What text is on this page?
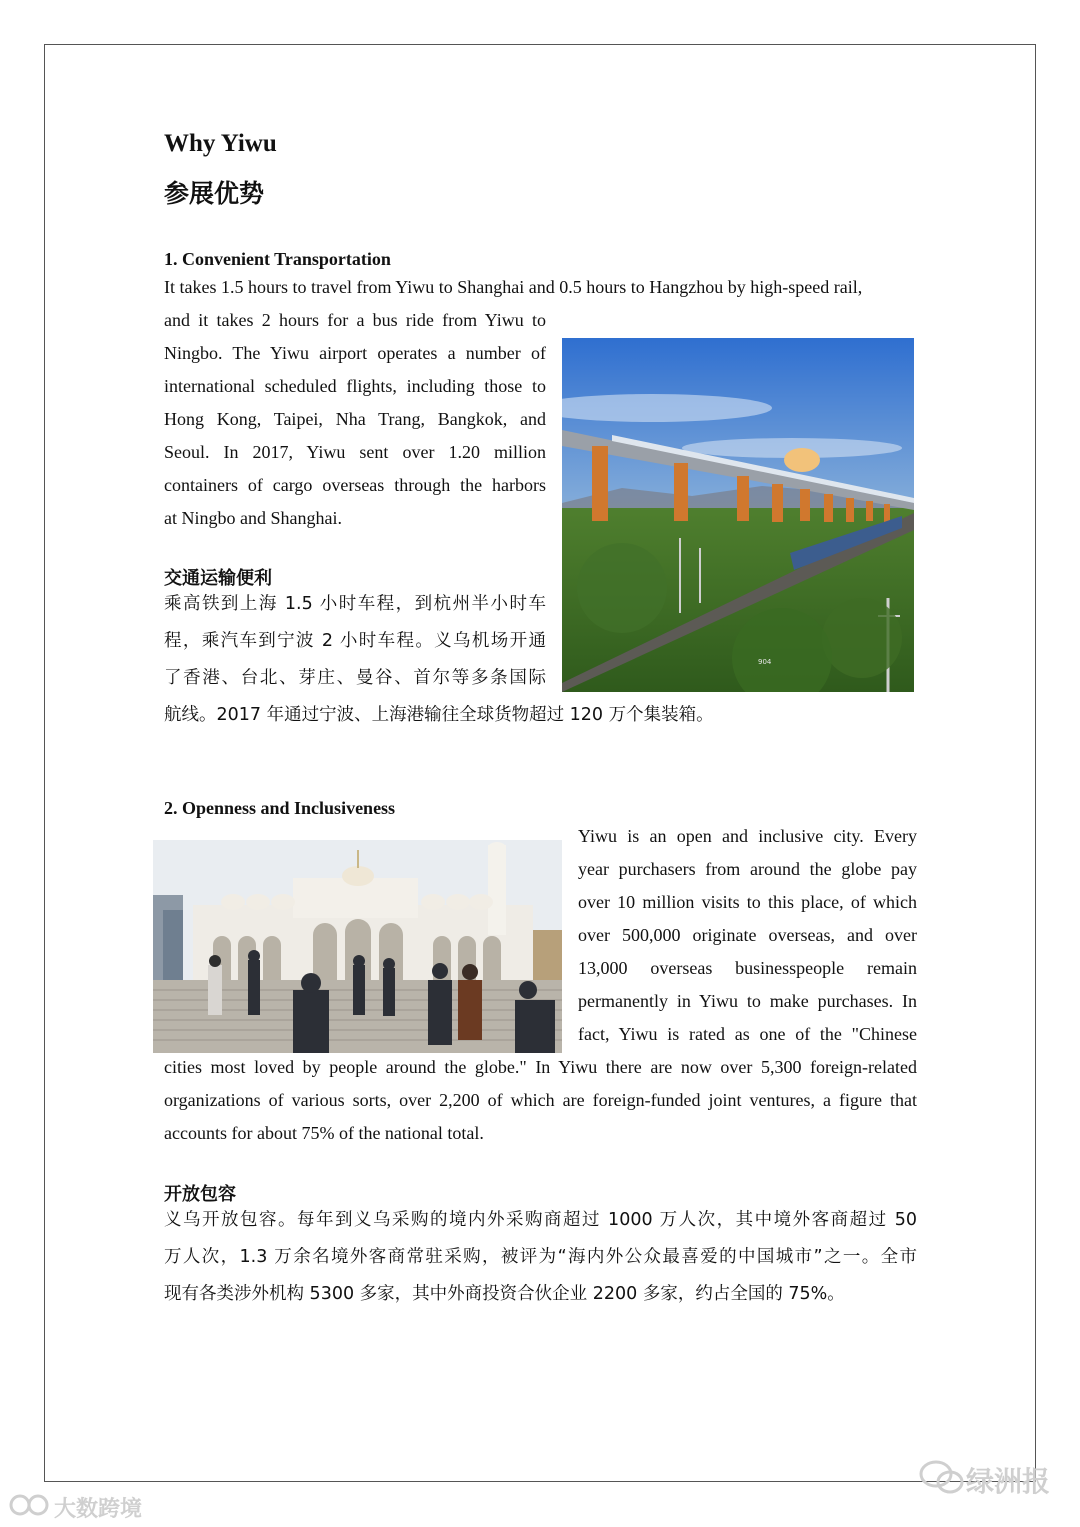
Why Yiwu
参展优势
1. Convenient Transportation
It takes 1.5 hours to travel from Yiwu to Shanghai and 0.5 hours to Hangzhou by high-speed rail,
and it takes 2 hours for a bus ride from Yiwu to
Ningbo. The Yiwu airport operates a number of
international scheduled flights, including those to
Hong Kong, Taipei, Nha Trang, Bangkok, and
Seoul. In 2017, Yiwu sent over 1.20 million
containers of cargo overseas through the harbors
at Ningbo and Shanghai.
交通运输便利
乘高铁到上海 1.5 小时车程，到杭州半小时车
程，乘汽车到宁波 2 小时车程。义乌机场开通
了香港、台北、芽庄、曼谷、首尔等多条国际
航线。2017 年通过宁波、上海港输往全球货物超过 120 万个集装箱。
904
2. Openness and Inclusiveness
Yiwu is an open and inclusive city. Every
year purchasers from around the globe pay
over 10 million visits to this place, of which
over 500,000 originate overseas, and over
13,000 overseas businesspeople remain
permanently in Yiwu to make purchases. In
fact, Yiwu is rated as one of the "Chinese
cities most loved by people around the globe." In Yiwu there are now over 5,300 foreign-related
organizations of various sorts, over 2,200 of which are foreign-funded joint ventures, a figure that
accounts for about 75% of the national total.
开放包容
义乌开放包容。每年到义乌采购的境内外采购商超过 1000 万人次，其中境外客商超过 50
万人次，1.3 万余名境外客商常驻采购，被评为“海内外公众最喜爱的中国城市”之一。全市
现有各类涉外机构 5300 多家，其中外商投资合伙企业 2200 多家，约占全国的 75%。
大数跨境
绿洲报
